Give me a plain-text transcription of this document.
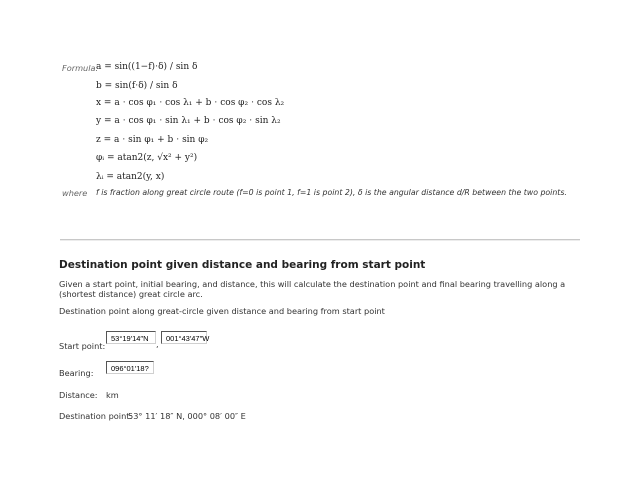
Formula:
a = sin((1−f)⋅δ) / sin δ
b = sin(f⋅δ) / sin δ
x = a ⋅ cos φ₁ ⋅ cos λ₁ + b ⋅ cos φ₂ ⋅ cos λ₂
y = a ⋅ cos φ₁ ⋅ sin λ₁ + b ⋅ cos φ₂ ⋅ sin λ₂
z = a ⋅ sin φ₁ + b ⋅ sin φ₂
φᵢ = atan2(z, √x² + y²)
λᵢ = atan2(y, x)
where f is fraction along great circle route (f=0 is point 1, f=1 is point 2), δ is the angular distance d/R between the two points.
Destination point given distance and bearing from start point
Given a start point, initial bearing, and distance, this will calculate the destination point and final bearing travelling along a (shortest distance) great circle arc.
Destination point along great-circle given distance and bearing from start point
Start point:
53°19′14″N
,
001°43′47″W
Bearing:	096°01′18?
Distance: km
Destination point:
53° 11′ 18″ N, 000° 08′ 00″ E
